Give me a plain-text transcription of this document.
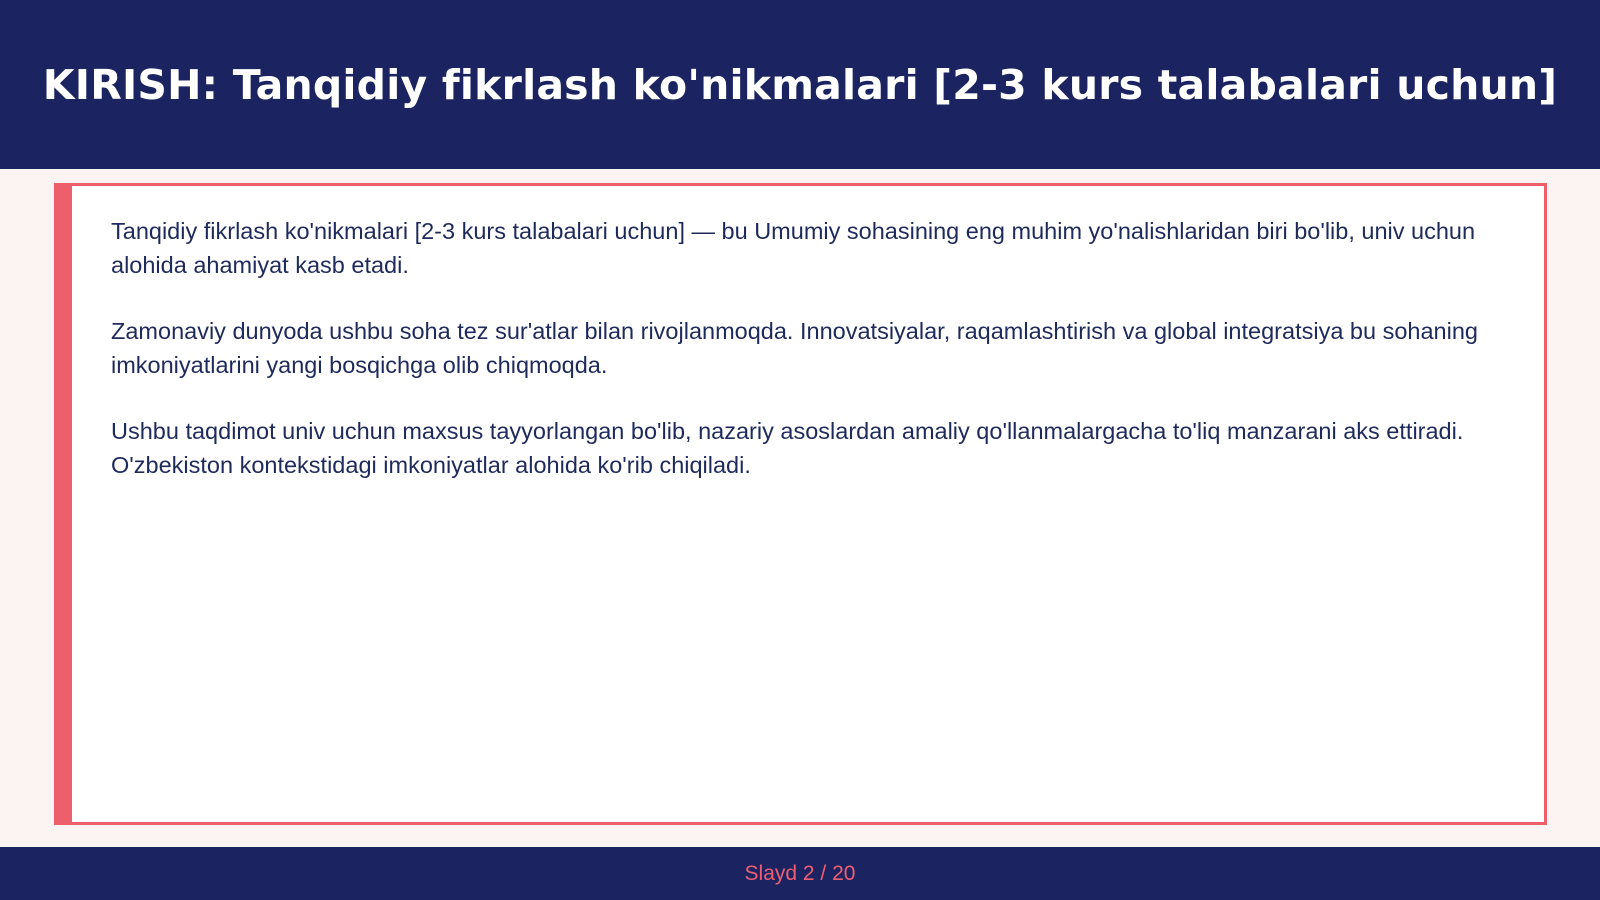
KIRISH: Tanqidiy fikrlash ko'nikmalari [2-3 kurs talabalari uchun]

Tanqidiy fikrlash ko'nikmalari [2-3 kurs talabalari uchun] — bu Umumiy sohasining eng muhim yo'nalishlaridan biri bo'lib, univ uchun alohida ahamiyat kasb etadi.

Zamonaviy dunyoda ushbu soha tez sur'atlar bilan rivojlanmoqda. Innovatsiyalar, raqamlashtirish va global integratsiya bu sohaning imkoniyatlarini yangi bosqichga olib chiqmoqda.

Ushbu taqdimot univ uchun maxsus tayyorlangan bo'lib, nazariy asoslardan amaliy qo'llanmalargacha to'liq manzarani aks ettiradi. O'zbekiston kontekstidagi imkoniyatlar alohida ko'rib chiqiladi.

Slayd 2 / 20
